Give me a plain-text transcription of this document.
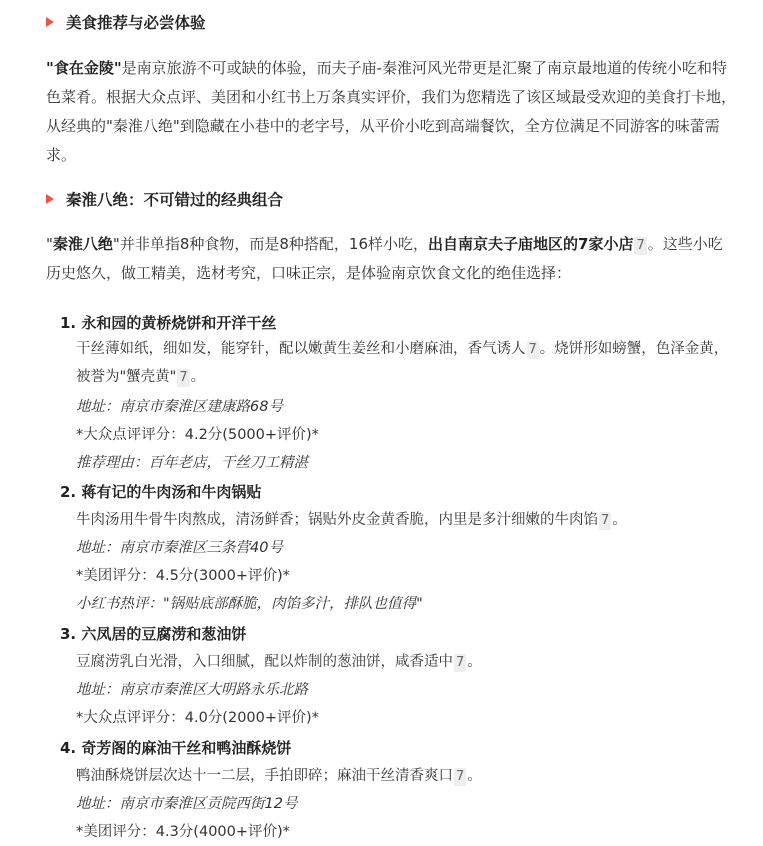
美食推荐与必尝体验
"食在金陵"是南京旅游不可或缺的体验，而夫子庙-秦淮河风光带更是汇聚了南京最地道的传统小吃和特色菜肴。根据大众点评、美团和小红书上万条真实评价，我们为您精选了该区域最受欢迎的美食打卡地，从经典的"秦淮八绝"到隐藏在小巷中的老字号，从平价小吃到高端餐饮，全方位满足不同游客的味蕾需求。
秦淮八绝：不可错过的经典组合
"秦淮八绝"并非单指8种食物，而是8种搭配，16样小吃，出自南京夫子庙地区的7家小店 7 。这些小吃历史悠久，做工精美，选材考究，口味正宗，是体验南京饮食文化的绝佳选择：
1. 永和园的黄桥烧饼和开洋干丝
干丝薄如纸，细如发，能穿针，配以嫩黄生姜丝和小磨麻油，香气诱人 7 。烧饼形如螃蟹，色泽金黄，被誉为"蟹壳黄" 7 。
地址：南京市秦淮区建康路68号
*大众点评评分：4.2分(5000+评价)*
推荐理由：百年老店，干丝刀工精湛
2. 蒋有记的牛肉汤和牛肉锅贴
牛肉汤用牛骨牛肉熬成，清汤鲜香；锅贴外皮金黄香脆，内里是多汁细嫩的牛肉馅 7 。
地址：南京市秦淮区三条营40号
*美团评分：4.5分(3000+评价)*
小红书热评："锅贴底部酥脆，肉馅多汁，排队也值得"
3. 六凤居的豆腐涝和葱油饼
豆腐涝乳白光滑，入口细腻，配以炸制的葱油饼，咸香适中 7 。
地址：南京市秦淮区大明路永乐北路
*大众点评评分：4.0分(2000+评价)*
4. 奇芳阁的麻油干丝和鸭油酥烧饼
鸭油酥烧饼层次达十一二层，手拍即碎；麻油干丝清香爽口 7 。
地址：南京市秦淮区贡院西街12号
*美团评分：4.3分(4000+评价)*
